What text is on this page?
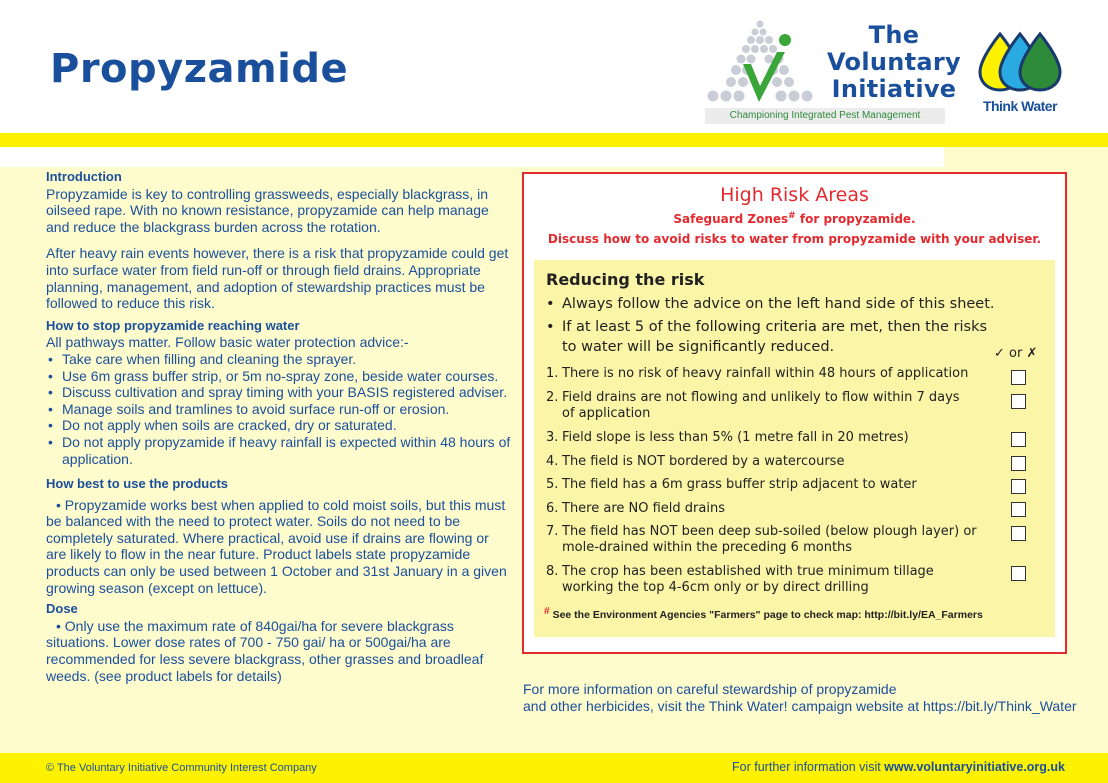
Propyzamide
The
Voluntary
Initiative
Championing Integrated Pest Management
Think Water
Introduction

Propyzamide is key to controlling grassweeds, especially blackgrass, in oilseed rape. With no known resistance, propyzamide can help manage and reduce the blackgrass burden across the rotation.

After heavy rain events however, there is a risk that propyzamide could get into surface water from field run-off or through field drains. Appropriate planning, management, and adoption of stewardship practices must be followed to reduce this risk.

How to stop propyzamide reaching water

All pathways matter. Follow basic water protection advice:-

• Take care when filling and cleaning the sprayer.
• Use 6m grass buffer strip, or 5m no-spray zone, beside water courses.
• Discuss cultivation and spray timing with your BASIS registered adviser.
• Manage soils and tramlines to avoid surface run-off or erosion.
• Do not apply when soils are cracked, dry or saturated.
• Do not apply propyzamide if heavy rainfall is expected within 48 hours of application.
How best to use the products

• Propyzamide works best when applied to cold moist soils, but this must be balanced with the need to protect water. Soils do not need to be completely saturated. Where practical, avoid use if drains are flowing or are likely to flow in the near future. Product labels state propyzamide products can only be used between 1 October and 31st January in a given growing season (except on lettuce).

Dose

• Only use the maximum rate of 840gai/ha for severe blackgrass situations. Lower dose rates of 700 - 750 gai/ ha or 500gai/ha are recommended for less severe blackgrass, other grasses and broadleaf weeds. (see product labels for details)

High Risk Areas
Safeguard Zones# for propyzamide.
Discuss how to avoid risks to water from propyzamide with your adviser.
Reducing the risk
• Always follow the advice on the left hand side of this sheet.
• If at least 5 of the following criteria are met, then the risks to water will be significantly reduced.	✓ or ✗
1. There is no risk of heavy rainfall within 48 hours of application
2. Field drains are not flowing and unlikely to flow within 7 days of application
3. Field slope is less than 5% (1 metre fall in 20 metres)
4. The field is NOT bordered by a watercourse
5. The field has a 6m grass buffer strip adjacent to water
6. There are NO field drains
7. The field has NOT been deep sub-soiled (below plough layer) or mole-drained within the preceding 6 months
8. The crop has been established with true minimum tillage working the top 4-6cm only or by direct drilling
# See the Environment Agencies "Farmers" page to check map: http://bit.ly/EA_Farmers
For more information on careful stewardship of propyzamide
and other herbicides, visit the Think Water! campaign website at https://bit.ly/Think_Water
© The Voluntary Initiative Community Interest Company	For further information visit www.voluntaryinitiative.org.uk
